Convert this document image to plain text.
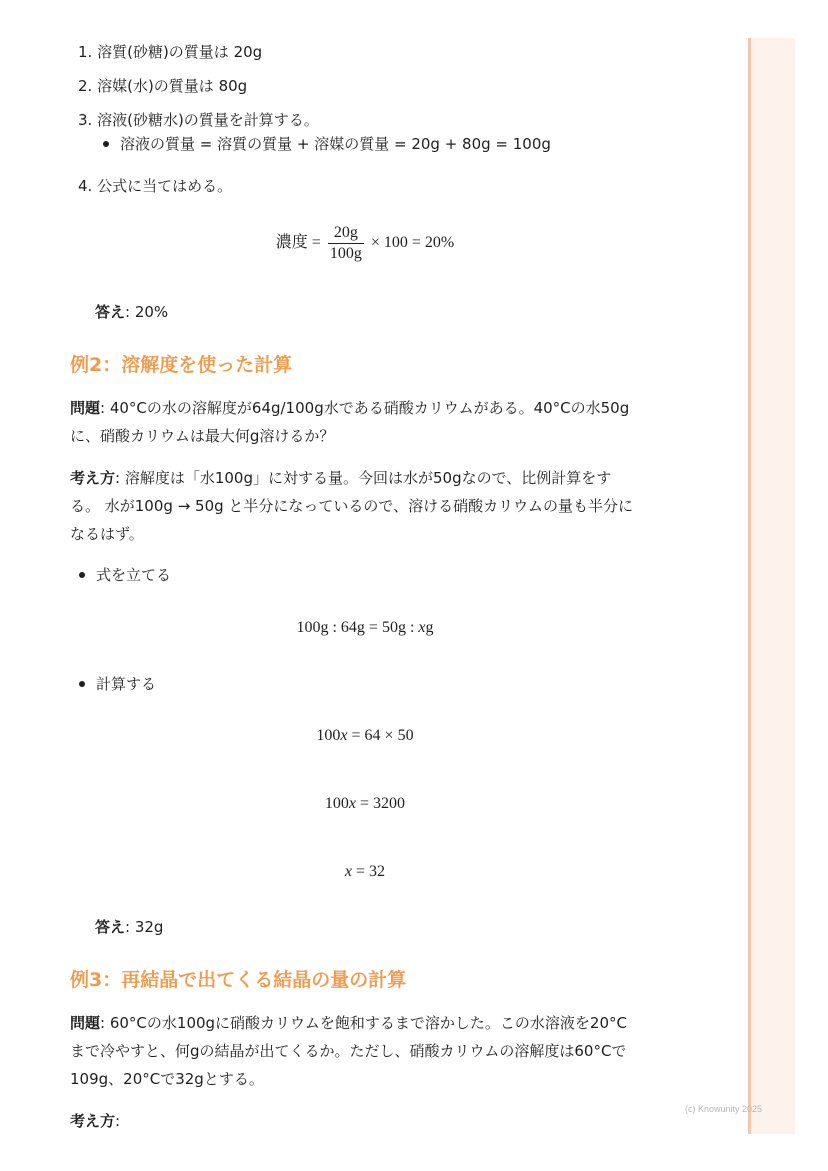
(c) Knowunity 2025
1. 溶質(砂糖)の質量は 20g
2. 溶媒(水)の質量は 80g
3. 溶液(砂糖水)の質量を計算する。
溶液の質量 = 溶質の質量 + 溶媒の質量 = 20g + 80g = 100g
4. 公式に当てはめる。
濃度 = $\frac{20g}{100g} \times 100 = 20\%$
答え: 20%
例2：溶解度を使った計算
問題: 40°Cの水の溶解度が64g/100g水である硝酸カリウムがある。40°Cの水50gに、硝酸カリウムは最大何g溶けるか？
考え方: 溶解度は「水100g」に対する量。今回は水が50gなので、比例計算をする。 水が100g → 50g と半分になっているので、溶ける硝酸カリウムの量も半分になるはず。
式を立てる
100g : 64g = 50g : xg
計算する
100x = 64 × 50
100x = 3200
x = 32
答え: 32g
例3：再結晶で出てくる結晶の量の計算
問題: 60°Cの水100gに硝酸カリウムを飽和するまで溶かした。この水溶液を20°Cまで冷やすと、何gの結晶が出てくるか。ただし、硝酸カリウムの溶解度は60°Cで109g、20°Cで32gとする。
考え方:
